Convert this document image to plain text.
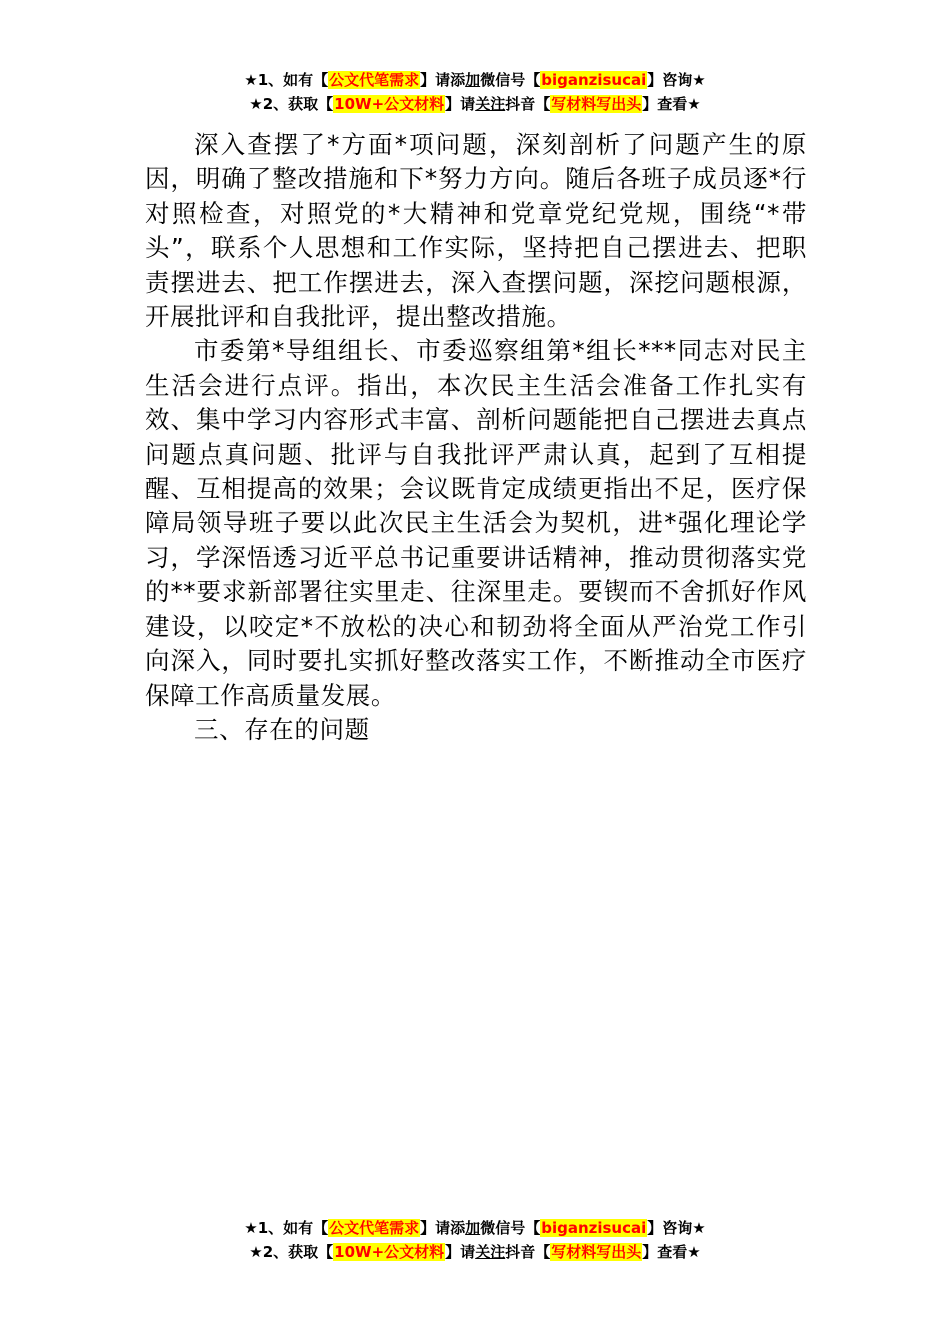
★1、如有【公文代笔需求】请添加微信号【biganzisucai】咨询★
★2、获取【10W+公文材料】请关注抖音【写材料写出头】查看★

深入查摆了*方面*项问题，深刻剖析了问题产生的原因，明确了整改措施和下*努力方向。随后各班子成员逐*行对照检查，对照党的*大精神和党章党纪党规，围绕“*带头”，联系个人思想和工作实际，坚持把自己摆进去、把职责摆进去、把工作摆进去，深入查摆问题，深挖问题根源，开展批评和自我批评，提出整改措施。

市委第*导组组长、市委巡察组第*组长***同志对民主生活会进行点评。指出，本次民主生活会准备工作扎实有效、集中学习内容形式丰富、剖析问题能把自己摆进去真点问题点真问题、批评与自我批评严肃认真，起到了互相提醒、互相提高的效果；会议既肯定成绩更指出不足，医疗保障局领导班子要以此次民主生活会为契机，进*强化理论学习，学深悟透习近平总书记重要讲话精神，推动贯彻落实党的**要求新部署往实里走、往深里走。要锲而不舍抓好作风建设，以咬定*不放松的决心和韧劲将全面从严治党工作引向深入，同时要扎实抓好整改落实工作，不断推动全市医疗保障工作高质量发展。

三、存在的问题

★1、如有【公文代笔需求】请添加微信号【biganzisucai】咨询★
★2、获取【10W+公文材料】请关注抖音【写材料写出头】查看★
